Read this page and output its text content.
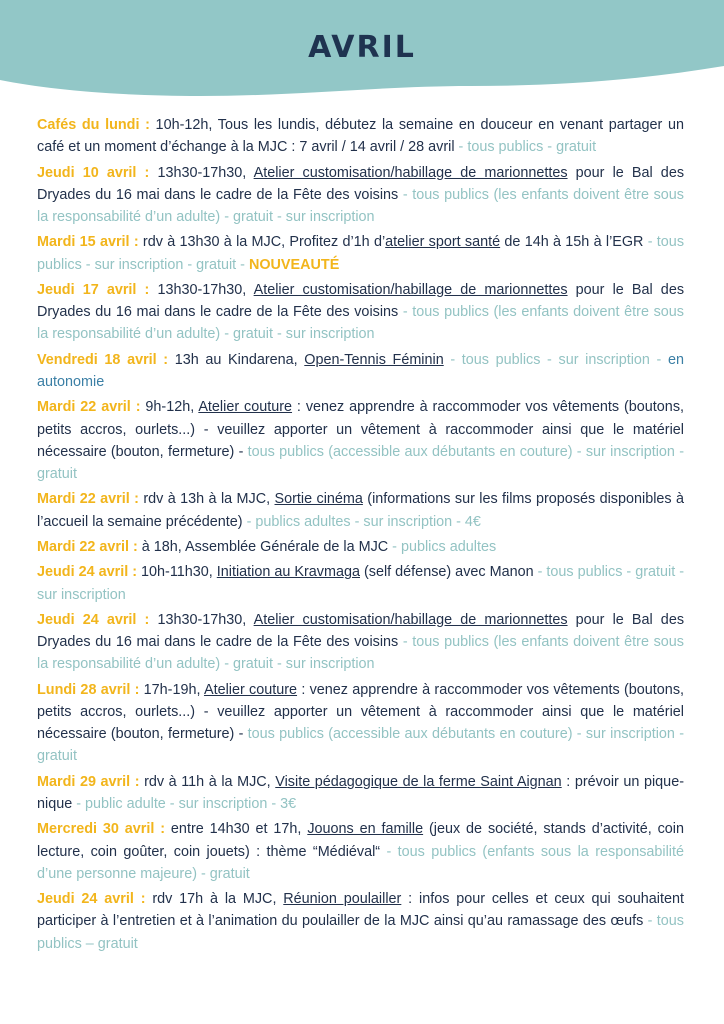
AVRIL

Cafés du lundi : 10h-12h, Tous les lundis, débutez la semaine en douceur en venant partager un café et un moment d’échange à la MJC : 7 avril / 14 avril / 28 avril - tous publics - gratuit

Jeudi 10 avril : 13h30-17h30, Atelier customisation/habillage de marionnettes pour le Bal des Dryades du 16 mai dans le cadre de la Fête des voisins - tous publics (les enfants doivent être sous la responsabilité d’un adulte) - gratuit - sur inscription

Mardi 15 avril : rdv à 13h30 à la MJC, Profitez d’1h d’atelier sport santé de 14h à 15h à l’EGR - tous publics - sur inscription - gratuit - NOUVEAUTÉ

Jeudi 17 avril : 13h30-17h30, Atelier customisation/habillage de marionnettes pour le Bal des Dryades du 16 mai dans le cadre de la Fête des voisins - tous publics (les enfants doivent être sous la responsabilité d’un adulte) - gratuit - sur inscription

Vendredi 18 avril : 13h au Kindarena, Open-Tennis Féminin - tous publics - sur inscription - en autonomie

Mardi 22 avril : 9h-12h, Atelier couture : venez apprendre à raccommoder vos vêtements (boutons, petits accros, ourlets...) - veuillez apporter un vêtement à raccommoder ainsi que le matériel nécessaire (bouton, fermeture) - tous publics (accessible aux débutants en couture) - sur inscription - gratuit

Mardi 22 avril : rdv à 13h à la MJC, Sortie cinéma (informations sur les films proposés disponibles à l’accueil la semaine précédente) - publics adultes - sur inscription - 4€

Mardi 22 avril : à 18h, Assemblée Générale de la MJC - publics adultes

Jeudi 24 avril : 10h-11h30, Initiation au Kravmaga (self défense) avec Manon - tous publics - gratuit - sur inscription

Jeudi 24 avril : 13h30-17h30, Atelier customisation/habillage de marionnettes pour le Bal des Dryades du 16 mai dans le cadre de la Fête des voisins - tous publics (les enfants doivent être sous la responsabilité d’un adulte) - gratuit - sur inscription

Lundi 28 avril : 17h-19h, Atelier couture : venez apprendre à raccommoder vos vêtements (boutons, petits accros, ourlets...) - veuillez apporter un vêtement à raccommoder ainsi que le matériel nécessaire (bouton, fermeture) - tous publics (accessible aux débutants en couture) - sur inscription - gratuit

Mardi 29 avril : rdv à 11h à la MJC, Visite pédagogique de la ferme Saint Aignan : prévoir un pique-nique - public adulte - sur inscription - 3€

Mercredi 30 avril : entre 14h30 et 17h, Jouons en famille (jeux de société, stands d’activité, coin lecture, coin goûter, coin jouets) : thème “Médiéval“ - tous publics (enfants sous la responsabilité d’une personne majeure) - gratuit

Jeudi 24 avril : rdv 17h à la MJC, Réunion poulailler : infos pour celles et ceux qui souhaitent participer à l’entretien et à l’animation du poulailler de la MJC ainsi qu’au ramassage des œufs - tous publics – gratuit
